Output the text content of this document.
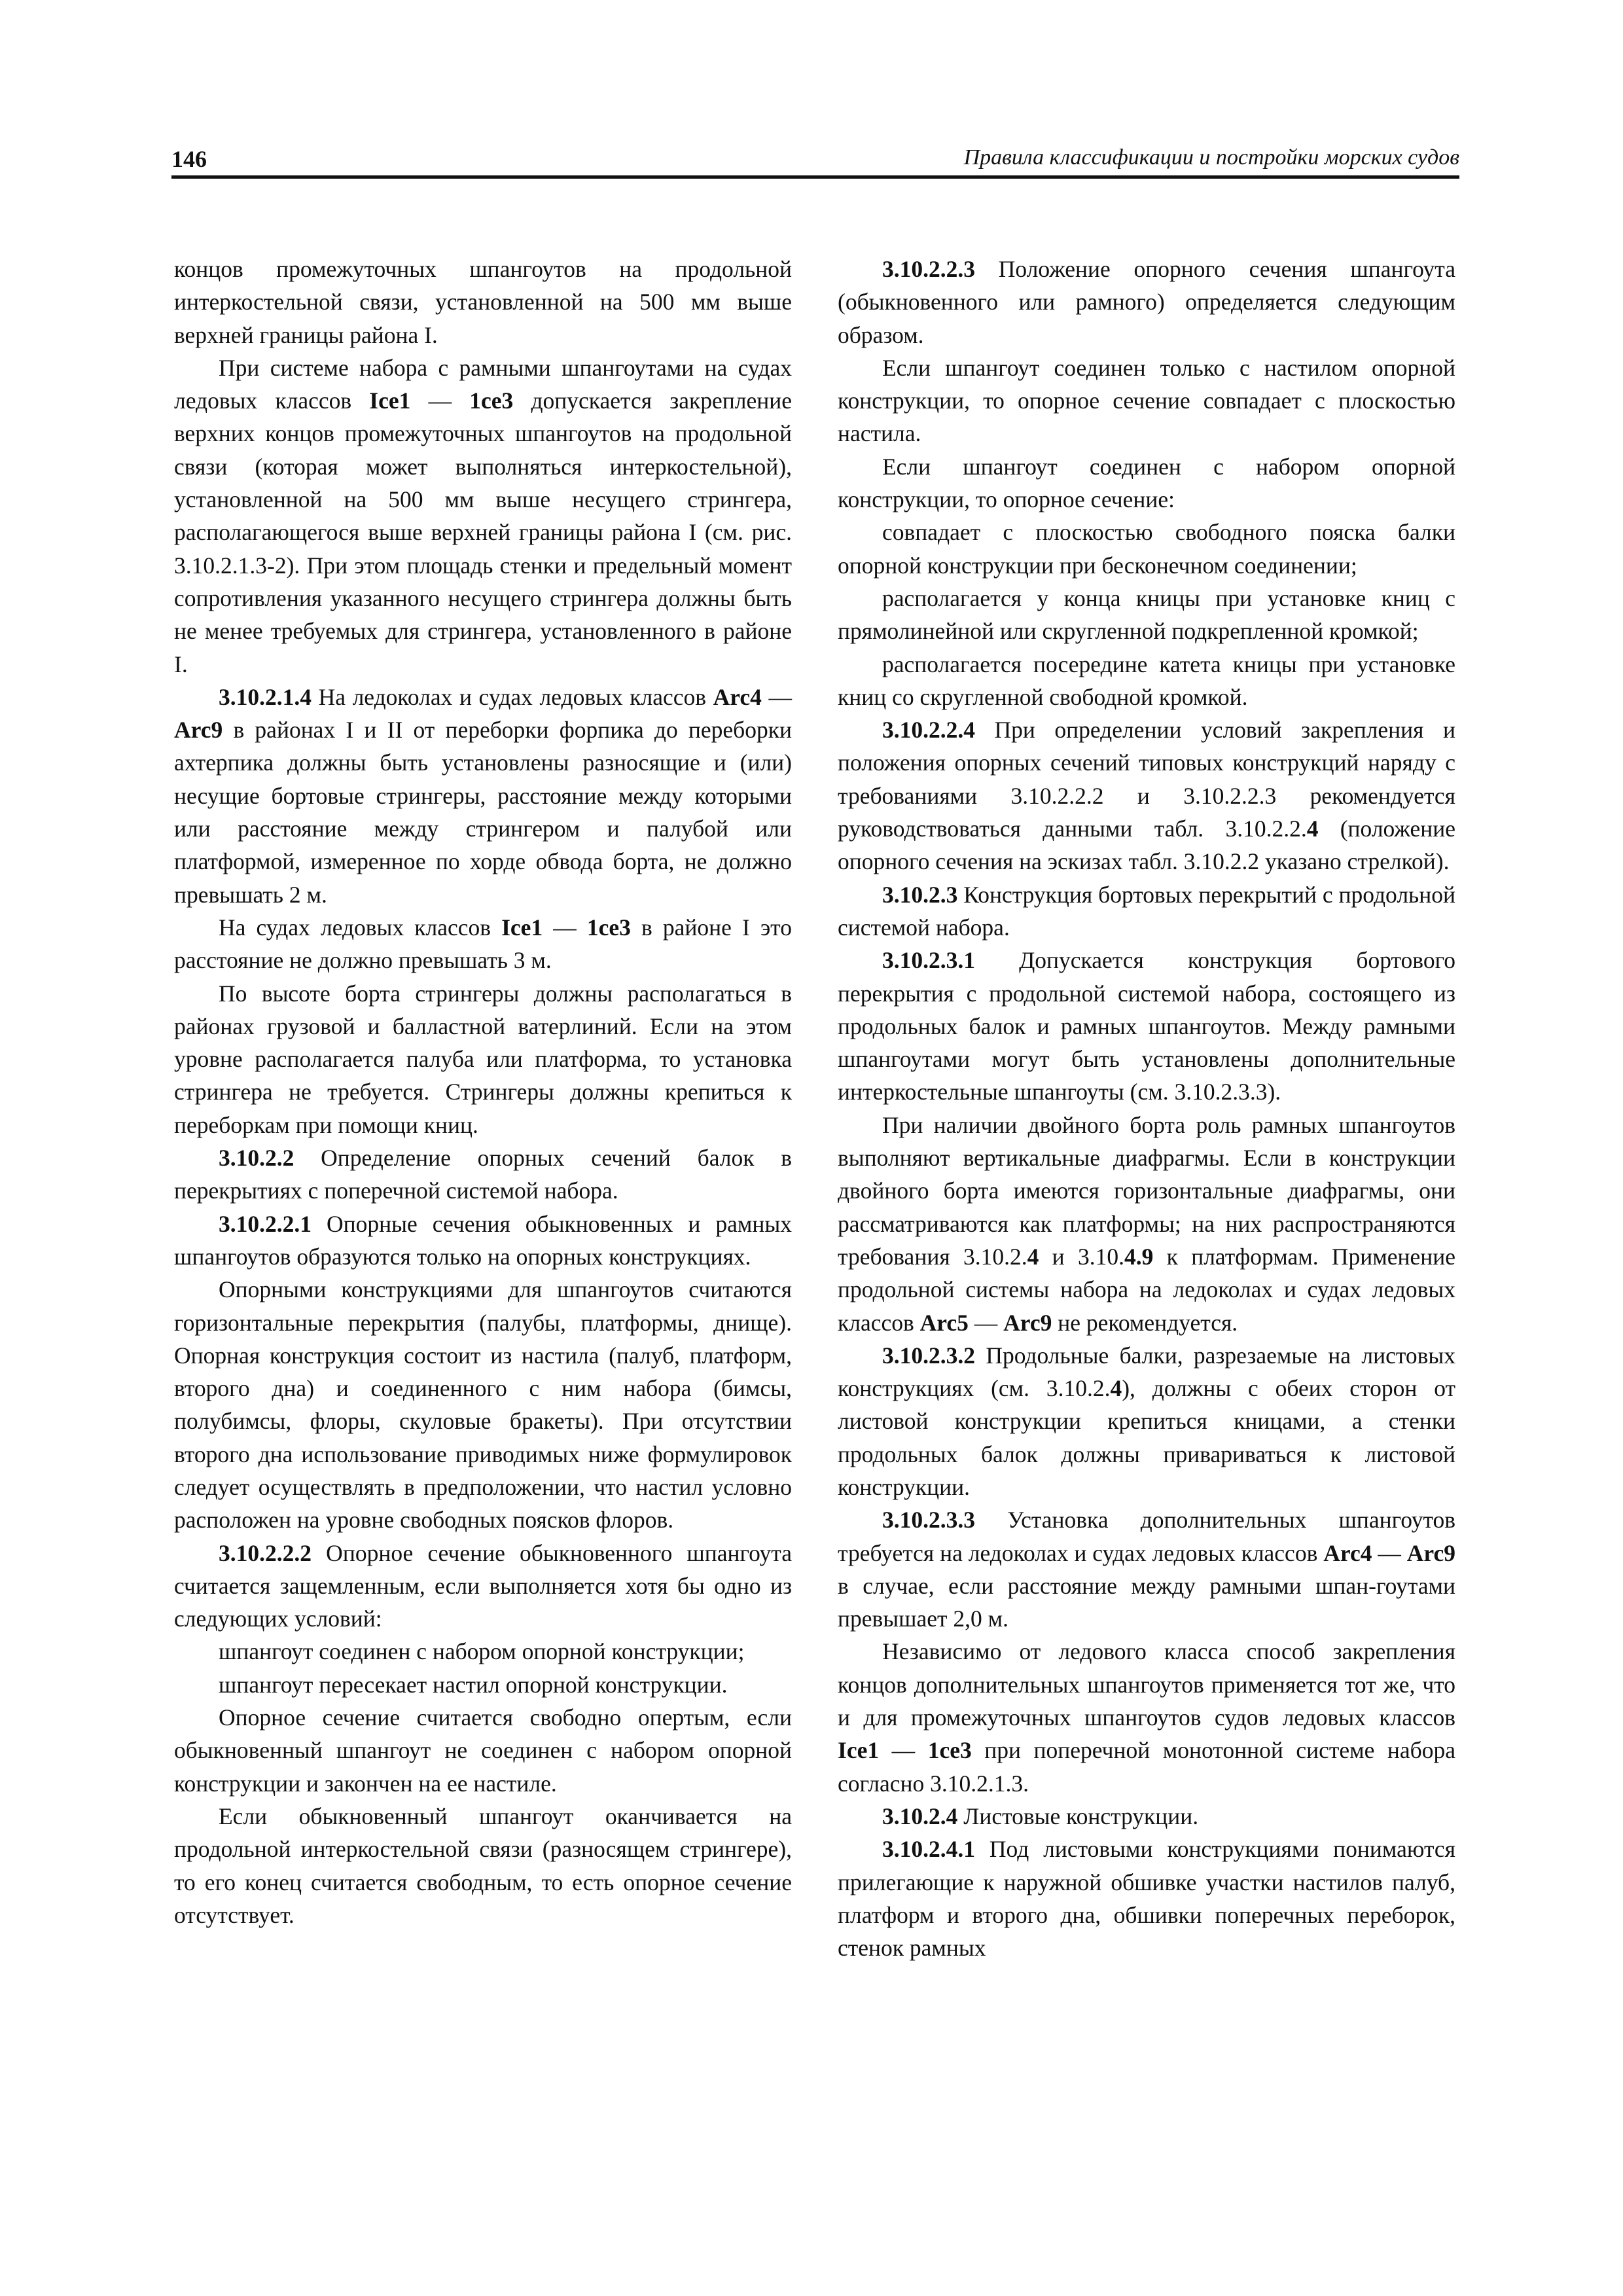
146	Правила классификации и постройки морских судов

концов промежуточных шпангоутов на продольной интеркостельной связи, установленной на 500 мм выше верхней границы района I.

При системе набора с рамными шпангоутами на судах ледовых классов Ice1 — 1ce3 допускается закрепление верхних концов промежуточных шпангоутов на продольной связи (которая может выполняться интеркостельной), установленной на 500 мм выше несущего стрингера, располагающегося выше верхней границы района I (см. рис. 3.10.2.1.3-2). При этом площадь стенки и предельный момент сопротивления указанного несущего стрингера должны быть не менее требуемых для стрингера, установленного в районе I.

3.10.2.1.4 На ледоколах и судах ледовых классов Arc4 — Arc9 в районах I и II от переборки форпика до переборки ахтерпика должны быть установлены разносящие и (или) несущие бортовые стрингеры, расстояние между которыми или расстояние между стрингером и палубой или платформой, измеренное по хорде обвода борта, не должно превышать 2 м.

На судах ледовых классов Ice1 — 1ce3 в районе I это расстояние не должно превышать 3 м.

По высоте борта стрингеры должны располагаться в районах грузовой и балластной ватерлиний. Если на этом уровне располагается палуба или платформа, то установка стрингера не требуется. Стрингеры должны крепиться к переборкам при помощи книц.

3.10.2.2 Определение опорных сечений балок в перекрытиях с поперечной системой набора.

3.10.2.2.1 Опорные сечения обыкновенных и рамных шпангоутов образуются только на опорных конструкциях.

Опорными конструкциями для шпангоутов считаются горизонтальные перекрытия (палубы, платформы, днище). Опорная конструкция состоит из настила (палуб, платформ, второго дна) и соединенного с ним набора (бимсы, полубимсы, флоры, скуловые бракеты). При отсутствии второго дна использование приводимых ниже формулировок следует осуществлять в предположении, что настил условно расположен на уровне свободных поясков флоров.

3.10.2.2.2 Опорное сечение обыкновенного шпангоута считается защемленным, если выполняется хотя бы одно из следующих условий:

шпангоут соединен с набором опорной конструкции;

шпангоут пересекает настил опорной конструкции.

Опорное сечение считается свободно опертым, если обыкновенный шпангоут не соединен с набором опорной конструкции и закончен на ее настиле.

Если обыкновенный шпангоут оканчивается на продольной интеркостельной связи (разносящем стрингере), то его конец считается свободным, то есть опорное сечение отсутствует.

3.10.2.2.3 Положение опорного сечения шпангоута (обыкновенного или рамного) определяется следующим образом.

Если шпангоут соединен только с настилом опорной конструкции, то опорное сечение совпадает с плоскостью настила.

Если шпангоут соединен с набором опорной конструкции, то опорное сечение:

совпадает с плоскостью свободного пояска балки опорной конструкции при бесконечном соединении;

располагается у конца кницы при установке книц с прямолинейной или скругленной подкрепленной кромкой;

располагается посередине катета кницы при установке книц со скругленной свободной кромкой.

3.10.2.2.4 При определении условий закрепления и положения опорных сечений типовых конструкций наряду с требованиями 3.10.2.2.2 и 3.10.2.2.3 рекомендуется руководствоваться данными табл. 3.10.2.2.4 (положение опорного сечения на эскизах табл. 3.10.2.2 указано стрелкой).

3.10.2.3 Конструкция бортовых перекрытий с продольной системой набора.

3.10.2.3.1 Допускается конструкция бортового перекрытия с продольной системой набора, состоящего из продольных балок и рамных шпангоутов. Между рамными шпангоутами могут быть установлены дополнительные интеркостельные шпангоуты (см. 3.10.2.3.3).

При наличии двойного борта роль рамных шпангоутов выполняют вертикальные диафрагмы. Если в конструкции двойного борта имеются горизонтальные диафрагмы, они рассматриваются как платформы; на них распространяются требования 3.10.2.4 и 3.10.4.9 к платформам. Применение продольной системы набора на ледоколах и судах ледовых классов Arc5 — Arc9 не рекомендуется.

3.10.2.3.2 Продольные балки, разрезаемые на листовых конструкциях (см. 3.10.2.4), должны с обеих сторон от листовой конструкции крепиться кницами, а стенки продольных балок должны привариваться к листовой конструкции.

3.10.2.3.3 Установка дополнительных шпангоутов требуется на ледоколах и судах ледовых классов Arc4 — Arc9 в случае, если расстояние между рамными шпан-гоутами превышает 2,0 м.

Независимо от ледового класса способ закрепления концов дополнительных шпангоутов применяется тот же, что и для промежуточных шпангоутов судов ледовых классов Ice1 — 1ce3 при поперечной монотонной системе набора согласно 3.10.2.1.3.

3.10.2.4 Листовые конструкции.

3.10.2.4.1 Под листовыми конструкциями понимаются прилегающие к наружной обшивке участки настилов палуб, платформ и второго дна, обшивки поперечных переборок, стенок рамных
